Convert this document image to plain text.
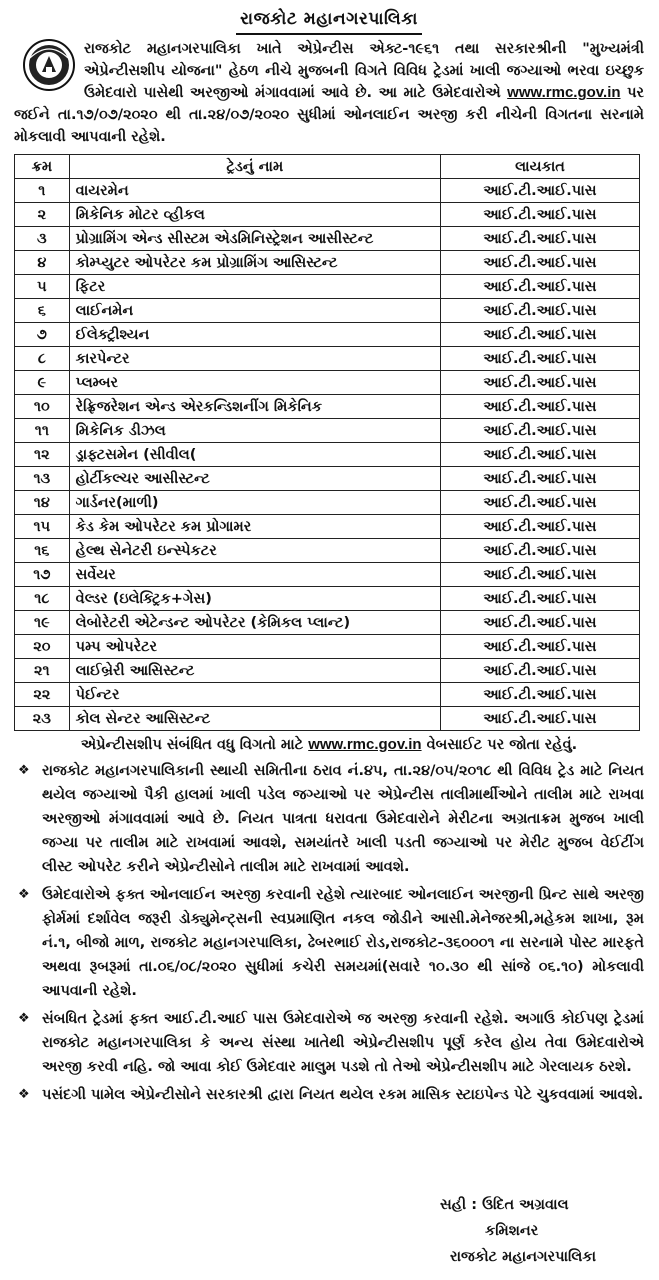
રાજકોટ મહાનગરપાલિકા
રાજકોટ મહાનગરપાલિકા ખાતે એપ્રેન્ટીસ એક્ટ-૧૯૬૧ તથા સરકારશ્રીની "મુખ્યમંત્રી એપ્રેન્ટીસશીપ યોજના" હેઠળ નીચે મુજબની વિગતે વિવિધ ટ્રેડમાં ખાલી જગ્યાઓ ભરવા ઇચ્છુક ઉમેદવારો પાસેથી અરજીઓ મંગાવવામાં આવે છે. આ માટે ઉમેદવારોએ www.rmc.gov.in પર જઈને તા.૧૭/૦૭/૨૦૨૦ થી તા.૨૪/૦૭/૨૦૨૦ સુધીમાં ઓનલાઈન અરજી કરી નીચેની વિગતના સરનામે મોકલાવી આપવાની રહેશે.
ક્રમ	ટ્રેડનું નામ	લાયકાત
૧	વાયરમેન	આઈ.ટી.આઈ.પાસ
૨	મિકેનિક મોટર વ્હીકલ	આઈ.ટી.આઈ.પાસ
૩	પ્રોગ્રામિંગ એન્ડ સીસ્ટમ એડમિનિસ્ટ્રેશન આસીસ્ટન્ટ	આઈ.ટી.આઈ.પાસ
૪	કોમ્પ્યુટર ઓપરેટર કમ પ્રોગ્રામિંગ આસિસ્ટન્ટ	આઈ.ટી.આઈ.પાસ
૫	ફિટર	આઈ.ટી.આઈ.પાસ
૬	લાઈનમેન	આઈ.ટી.આઈ.પાસ
૭	ઈલેક્ટ્રીશ્યન	આઈ.ટી.આઈ.પાસ
૮	કારપેન્ટર	આઈ.ટી.આઈ.પાસ
૯	પ્લમ્બર	આઈ.ટી.આઈ.પાસ
૧૦	રેફ્રિજરેશન એન્ડ એરકન્ડિશનીંગ મિકેનિક	આઈ.ટી.આઈ.પાસ
૧૧	મિકેનિક ડીઝલ	આઈ.ટી.આઈ.પાસ
૧૨	ડ્રાફ્ટસમેન (સીવીલ(	આઈ.ટી.આઈ.પાસ
૧૩	હોર્ટીકલ્ચર આસીસ્ટન્ટ	આઈ.ટી.આઈ.પાસ
૧૪	ગાર્ડનર(માળી)	આઈ.ટી.આઈ.પાસ
૧૫	કેડ કેમ ઓપરેટર કમ પ્રોગામર	આઈ.ટી.આઈ.પાસ
૧૬	હેલ્થ સેનેટરી ઇન્સ્પેકટર	આઈ.ટી.આઈ.પાસ
૧૭	સર્વેયર	આઈ.ટી.આઈ.પાસ
૧૮	વેલ્ડર (ઇલેક્ટ્રિક+ગેસ)	આઈ.ટી.આઈ.પાસ
૧૯	લેબોરેટરી એટેન્ડન્ટ ઓપરેટર (કેમિકલ પ્લાન્ટ)	આઈ.ટી.આઈ.પાસ
૨૦	પમ્પ ઓપરેટર	આઈ.ટી.આઈ.પાસ
૨૧	લાઈબ્રેરી આસિસ્ટન્ટ	આઈ.ટી.આઈ.પાસ
૨૨	પેઈન્ટર	આઈ.ટી.આઈ.પાસ
૨૩	કોલ સેન્ટર આસિસ્ટન્ટ	આઈ.ટી.આઈ.પાસ
એપ્રેન્ટીસશીપ સંબંધિત વધુ વિગતો માટે www.rmc.gov.in વેબસાઈટ પર જોતા રહેવું.
❖ રાજકોટ મહાનગરપાલિકાની સ્થાયી સમિતીના ઠરાવ નં.૪૫, તા.૨૪/૦૫/૨૦૧૮ થી વિવિધ ટ્રેડ માટે નિયત થયેલ જગ્યાઓ પૈકી હાલમાં ખાલી પડેલ જગ્યાઓ પર એપ્રેન્ટીસ તાલીમાર્થીઓને તાલીમ માટે રાખવા અરજીઓ મંગાવવામાં આવે છે. નિયત પાત્રતા ધરાવતા ઉમેદવારોને મેરીટના અગ્રતાક્રમ મુજબ ખાલી જગ્યા પર તાલીમ માટે રાખવામાં આવશે, સમયાંતરે ખાલી પડતી જગ્યાઓ પર મેરીટ મુજબ વેઈટીંગ લીસ્ટ ઓપરેટ કરીને એપ્રેન્ટીસોને તાલીમ માટે રાખવામાં આવશે.
❖ ઉમેદવારોએ ફક્ત ઓનલાઈન અરજી કરવાની રહેશે ત્યારબાદ ઓનલાઈન અરજીની પ્રિન્ટ સાથે અરજી ફોર્મમાં દર્શાવેલ જરૂરી ડોક્યુમેન્ટ્સની સ્વપ્રમાણિત નકલ જોડીને આસી.મેનેજરશ્રી,મહેકમ શાખા, રૂમ નં.૧, બીજો માળ, રાજકોટ મહાનગરપાલિકા, ઢેબરભાઈ રોડ,રાજકોટ-૩૬૦૦૦૧ ના સરનામે પોસ્ટ મારફતે અથવા રૂબરૂમાં તા.૦૬/૦૮/૨૦૨૦ સુધીમાં કચેરી સમયમાં(સવારે ૧૦.૩૦ થી સાંજે ૦૬.૧૦) મોકલાવી આપવાની રહેશે.
❖ સંબધિત ટ્રેડમાં ફક્ત આઈ.ટી.આઈ પાસ ઉમેદવારોએ જ અરજી કરવાની રહેશે. અગાઉ કોઈપણ ટ્રેડમાં રાજકોટ મહાનગરપાલિકા કે અન્ય સંસ્થા ખાતેથી એપ્રેન્ટીસશીપ પૂર્ણ કરેલ હોય તેવા ઉમેદવારોએ અરજી કરવી નહિ. જો આવા કોઈ ઉમેદવાર માલુમ પડશે તો તેઓ એપ્રેન્ટીસશીપ માટે ગેરલાયક ઠરશે.
❖ પસંદગી પામેલ એપ્રેન્ટીસોને સરકારશ્રી દ્વારા નિયત થયેલ રકમ માસિક સ્ટાઇપેન્ડ પેટે ચુકવવામાં આવશે.
સહી : ઉદિત અગ્રવાલ
કમિશનર
રાજકોટ મહાનગરપાલિકા
